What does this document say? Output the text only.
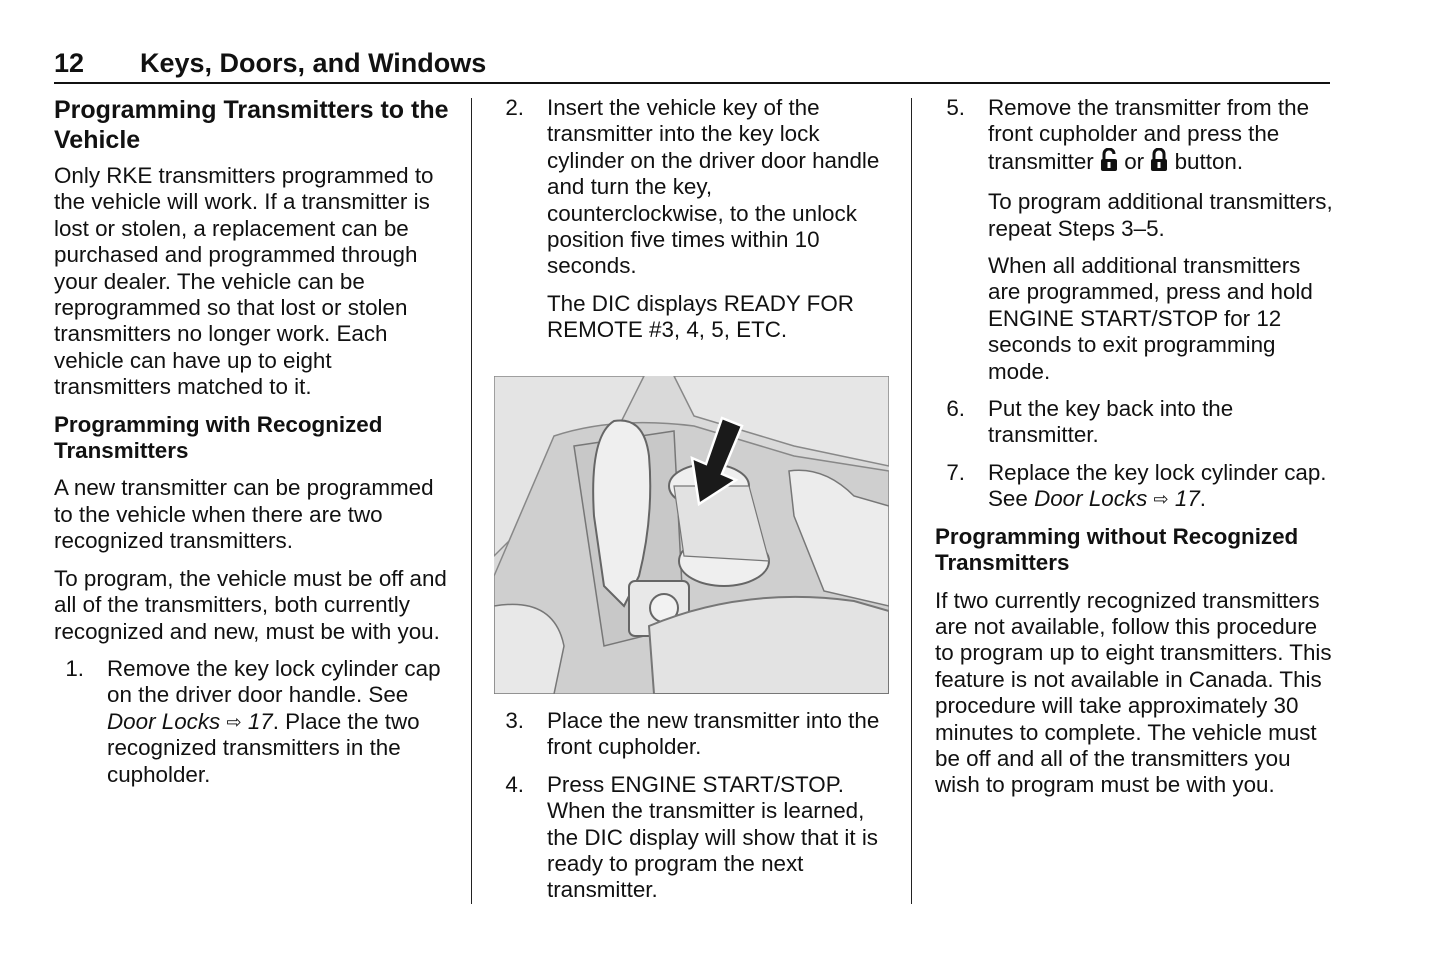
12 Keys, Doors, and Windows
Programming Transmitters to the Vehicle

Only RKE transmitters programmed to the vehicle will work. If a transmitter is lost or stolen, a replacement can be purchased and programmed through your dealer. The vehicle can be reprogrammed so that lost or stolen transmitters no longer work. Each vehicle can have up to eight transmitters matched to it.

Programming with Recognized Transmitters

A new transmitter can be programmed to the vehicle when there are two recognized transmitters.

To program, the vehicle must be off and all of the transmitters, both currently recognized and new, must be with you.

1. Remove the key lock cylinder cap on the driver door handle. See Door Locks ⇨ 17. Place the two recognized transmitters in the cupholder.
2. Insert the vehicle key of the transmitter into the key lock cylinder on the driver door handle and turn the key, counterclockwise, to the unlock position five times within 10 seconds.

The DIC displays READY FOR REMOTE #3, 4, 5, ETC.

3. Place the new transmitter into the front cupholder.
4. Press ENGINE START/STOP. When the transmitter is learned, the DIC display will show that it is ready to program the next transmitter.
5. Remove the transmitter from the front cupholder and press the transmitter  or button.

To program additional transmitters, repeat Steps 3–5.

When all additional transmitters are programmed, press and hold ENGINE START/STOP for 12 seconds to exit programming mode.

6. Put the key back into the transmitter.
7. Replace the key lock cylinder cap. See Door Locks ⇨ 17.
Programming without Recognized Transmitters

If two currently recognized transmitters are not available, follow this procedure to program up to eight transmitters. This feature is not available in Canada. This procedure will take approximately 30 minutes to complete. The vehicle must be off and all of the transmitters you wish to program must be with you.
